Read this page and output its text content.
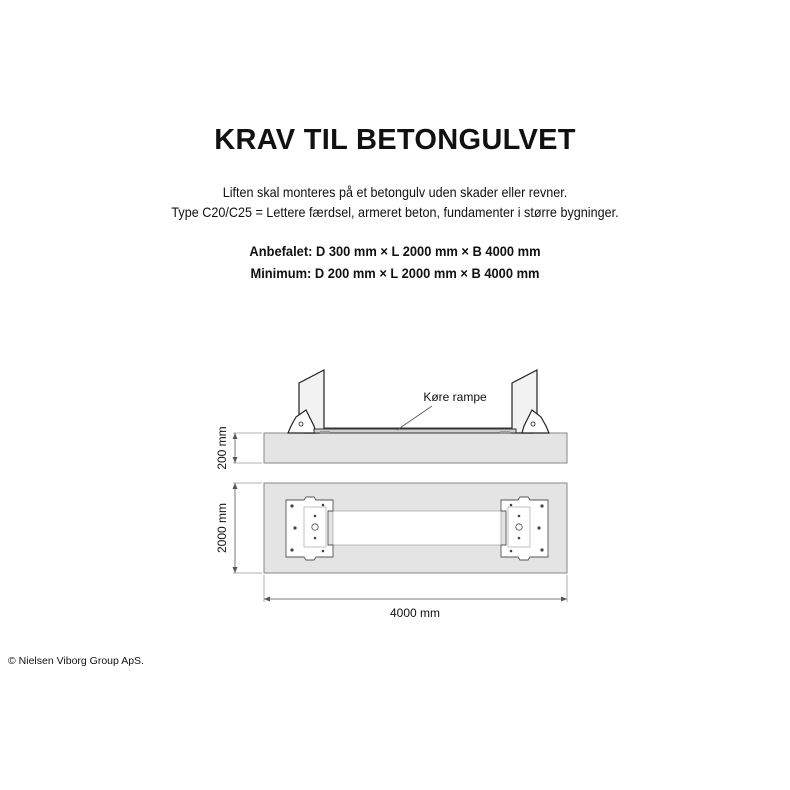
KRAV TIL BETONGULVET
Liften skal monteres på et betongulv uden skader eller revner.
Type C20/C25 = Lettere færdsel, armeret beton, fundamenter i større bygninger.
Anbefalet: D 300 mm × L 2000 mm × B 4000 mm
Minimum: D 200 mm × L 2000 mm × B 4000 mm
Køre rampe
200 mm
2000 mm
4000 mm
© Nielsen Viborg Group ApS.
